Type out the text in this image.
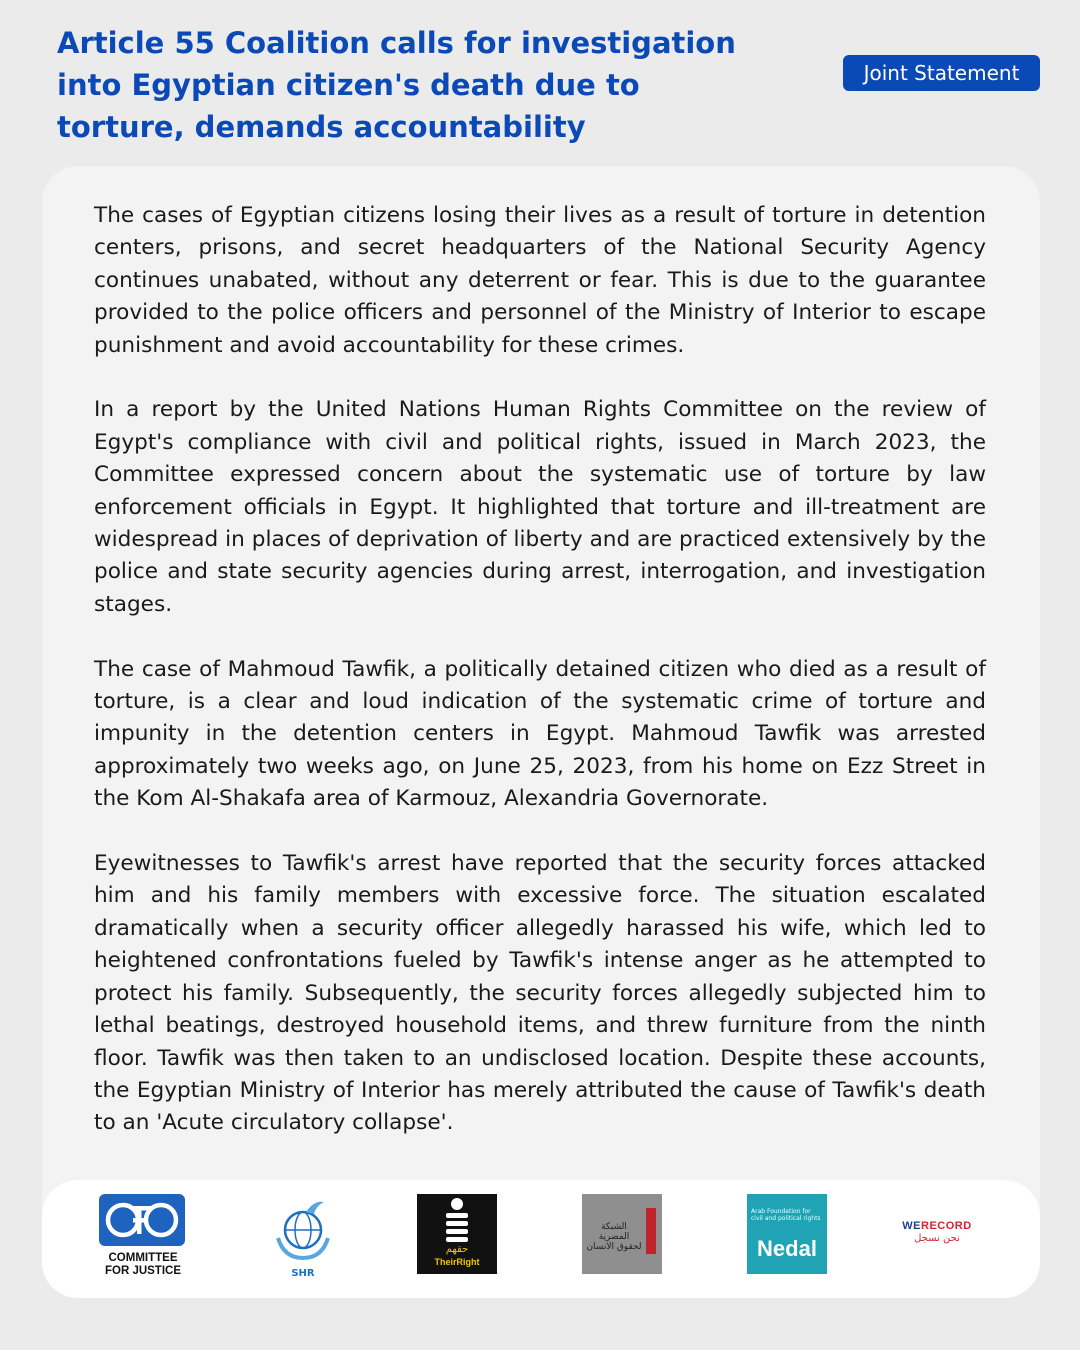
Article 55 Coalition calls for investigation into Egyptian citizen's death due to torture, demands accountability
Joint Statement

The cases of Egyptian citizens losing their lives as a result of torture in detention centers, prisons, and secret headquarters of the National Security Agency continues unabated, without any deterrent or fear. This is due to the guarantee provided to the police officers and personnel of the Ministry of Interior to escape punishment and avoid accountability for these crimes.

In a report by the United Nations Human Rights Committee on the review of Egypt's compliance with civil and political rights, issued in March 2023, the Committee expressed concern about the systematic use of torture by law enforcement officials in Egypt. It highlighted that torture and ill-treatment are widespread in places of deprivation of liberty and are practiced extensively by the police and state security agencies during arrest, interrogation, and investigation stages.

The case of Mahmoud Tawfik, a politically detained citizen who died as a result of torture, is a clear and loud indication of the systematic crime of torture and impunity in the detention centers in Egypt. Mahmoud Tawfik was arrested approximately two weeks ago, on June 25, 2023, from his home on Ezz Street in the Kom Al-Shakafa area of Karmouz, Alexandria Governorate.

Eyewitnesses to Tawfik's arrest have reported that the security forces attacked him and his family members with excessive force. The situation escalated dramatically when a security officer allegedly harassed his wife, which led to heightened confrontations fueled by Tawfik's intense anger as he attempted to protect his family. Subsequently, the security forces allegedly subjected him to lethal beatings, destroyed household items, and threw furniture from the ninth floor. Tawfik was then taken to an undisclosed location. Despite these accounts, the Egyptian Ministry of Interior has merely attributed the cause of Tawfik's death to an 'Acute circulatory collapse'.

COMMITTEE
FOR JUSTICE	SHR
حقهم
TheirRight
الشبكة المصرية لحقوق الانسان
Arab Foundation for civil and political rights
Nedal
WERECORD
نحن نسجل
